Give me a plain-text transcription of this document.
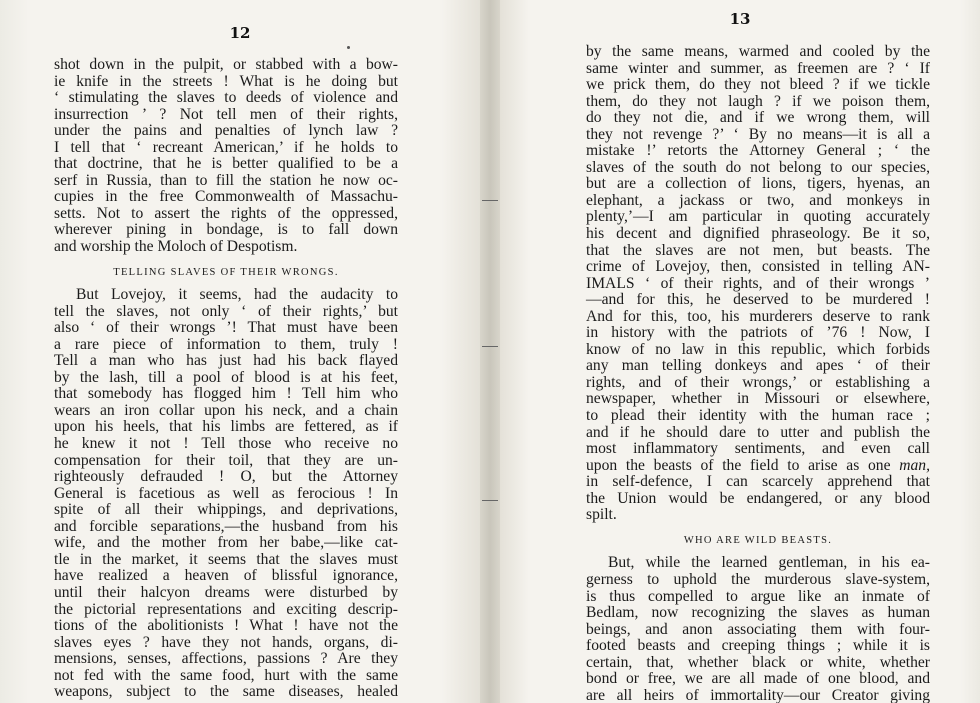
12
shot down in the pulpit, or stabbed with a bow-
ie knife in the streets ! What is he doing but
‘ stimulating the slaves to deeds of violence and
insurrection ’ ? Not tell men of their rights,
under the pains and penalties of lynch law ?
I tell that ‘ recreant American,’ if he holds to
that doctrine, that he is better qualified to be a
serf in Russia, than to fill the station he now oc-
cupies in the free Commonwealth of Massachu-
setts. Not to assert the rights of the oppressed,
wherever pining in bondage, is to fall down
and worship the Moloch of Despotism.
TELLING SLAVES OF THEIR WRONGS.
But Lovejoy, it seems, had the audacity to
tell the slaves, not only ‘ of their rights,’ but
also ‘ of their wrongs ’! That must have been
a rare piece of information to them, truly !
Tell a man who has just had his back flayed
by the lash, till a pool of blood is at his feet,
that somebody has flogged him ! Tell him who
wears an iron collar upon his neck, and a chain
upon his heels, that his limbs are fettered, as if
he knew it not ! Tell those who receive no
compensation for their toil, that they are un-
righteously defrauded ! O, but the Attorney
General is facetious as well as ferocious ! In
spite of all their whippings, and deprivations,
and forcible separations,—the husband from his
wife, and the mother from her babe,—like cat-
tle in the market, it seems that the slaves must
have realized a heaven of blissful ignorance,
until their halcyon dreams were disturbed by
the pictorial representations and exciting descrip-
tions of the abolitionists ! What ! have not the
slaves eyes ? have they not hands, organs, di-
mensions, senses, affections, passions ? Are they
not fed with the same food, hurt with the same
weapons, subject to the same diseases, healed
13
by the same means, warmed and cooled by the
same winter and summer, as freemen are ? ‘ If
we prick them, do they not bleed ? if we tickle
them, do they not laugh ? if we poison them,
do they not die, and if we wrong them, will
they not revenge ?’ ‘ By no means—it is all a
mistake !’ retorts the Attorney General ; ‘ the
slaves of the south do not belong to our species,
but are a collection of lions, tigers, hyenas, an
elephant, a jackass or two, and monkeys in
plenty,’—I am particular in quoting accurately
his decent and dignified phraseology. Be it so,
that the slaves are not men, but beasts. The
crime of Lovejoy, then, consisted in telling AN-
IMALS ‘ of their rights, and of their wrongs ’
—and for this, he deserved to be murdered !
And for this, too, his murderers deserve to rank
in history with the patriots of ’76 ! Now, I
know of no law in this republic, which forbids
any man telling donkeys and apes ‘ of their
rights, and of their wrongs,’ or establishing a
newspaper, whether in Missouri or elsewhere,
to plead their identity with the human race ;
and if he should dare to utter and publish the
most inflammatory sentiments, and even call
upon the beasts of the field to arise as one man,
in self-defence, I can scarcely apprehend that
the Union would be endangered, or any blood
spilt.
WHO ARE WILD BEASTS.
But, while the learned gentleman, in his ea-
gerness to uphold the murderous slave-system,
is thus compelled to argue like an inmate of
Bedlam, now recognizing the slaves as human
beings, and anon associating them with four-
footed beasts and creeping things ; while it is
certain, that, whether black or white, whether
bond or free, we are all made of one blood, and
are all heirs of immortality—our Creator giving
